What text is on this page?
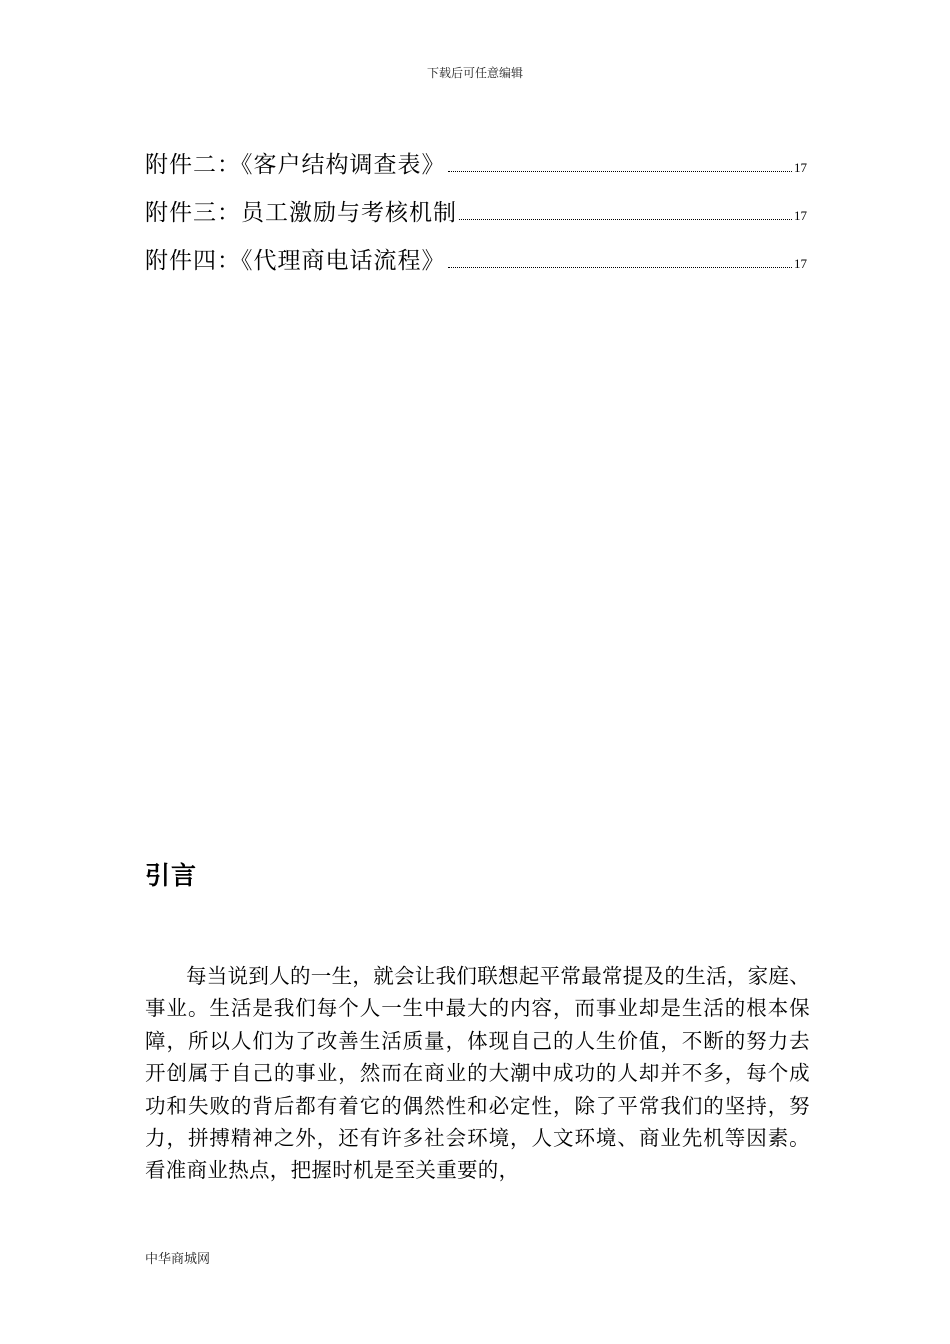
下载后可任意编辑
附件二：《客户结构调查表》	17
附件三：员工激励与考核机制	17
附件四：《代理商电话流程》	17
引言
每当说到人的一生，就会让我们联想起平常最常提及的生活，家庭、事业。生活是我们每个人一生中最大的内容，而事业却是生活的根本保障，所以人们为了改善生活质量，体现自己的人生价值，不断的努力去开创属于自己的事业，然而在商业的大潮中成功的人却并不多，每个成功和失败的背后都有着它的偶然性和必定性，除了平常我们的坚持，努力，拼搏精神之外，还有许多社会环境，人文环境、商业先机等因素。看准商业热点，把握时机是至关重要的，
中华商城网
